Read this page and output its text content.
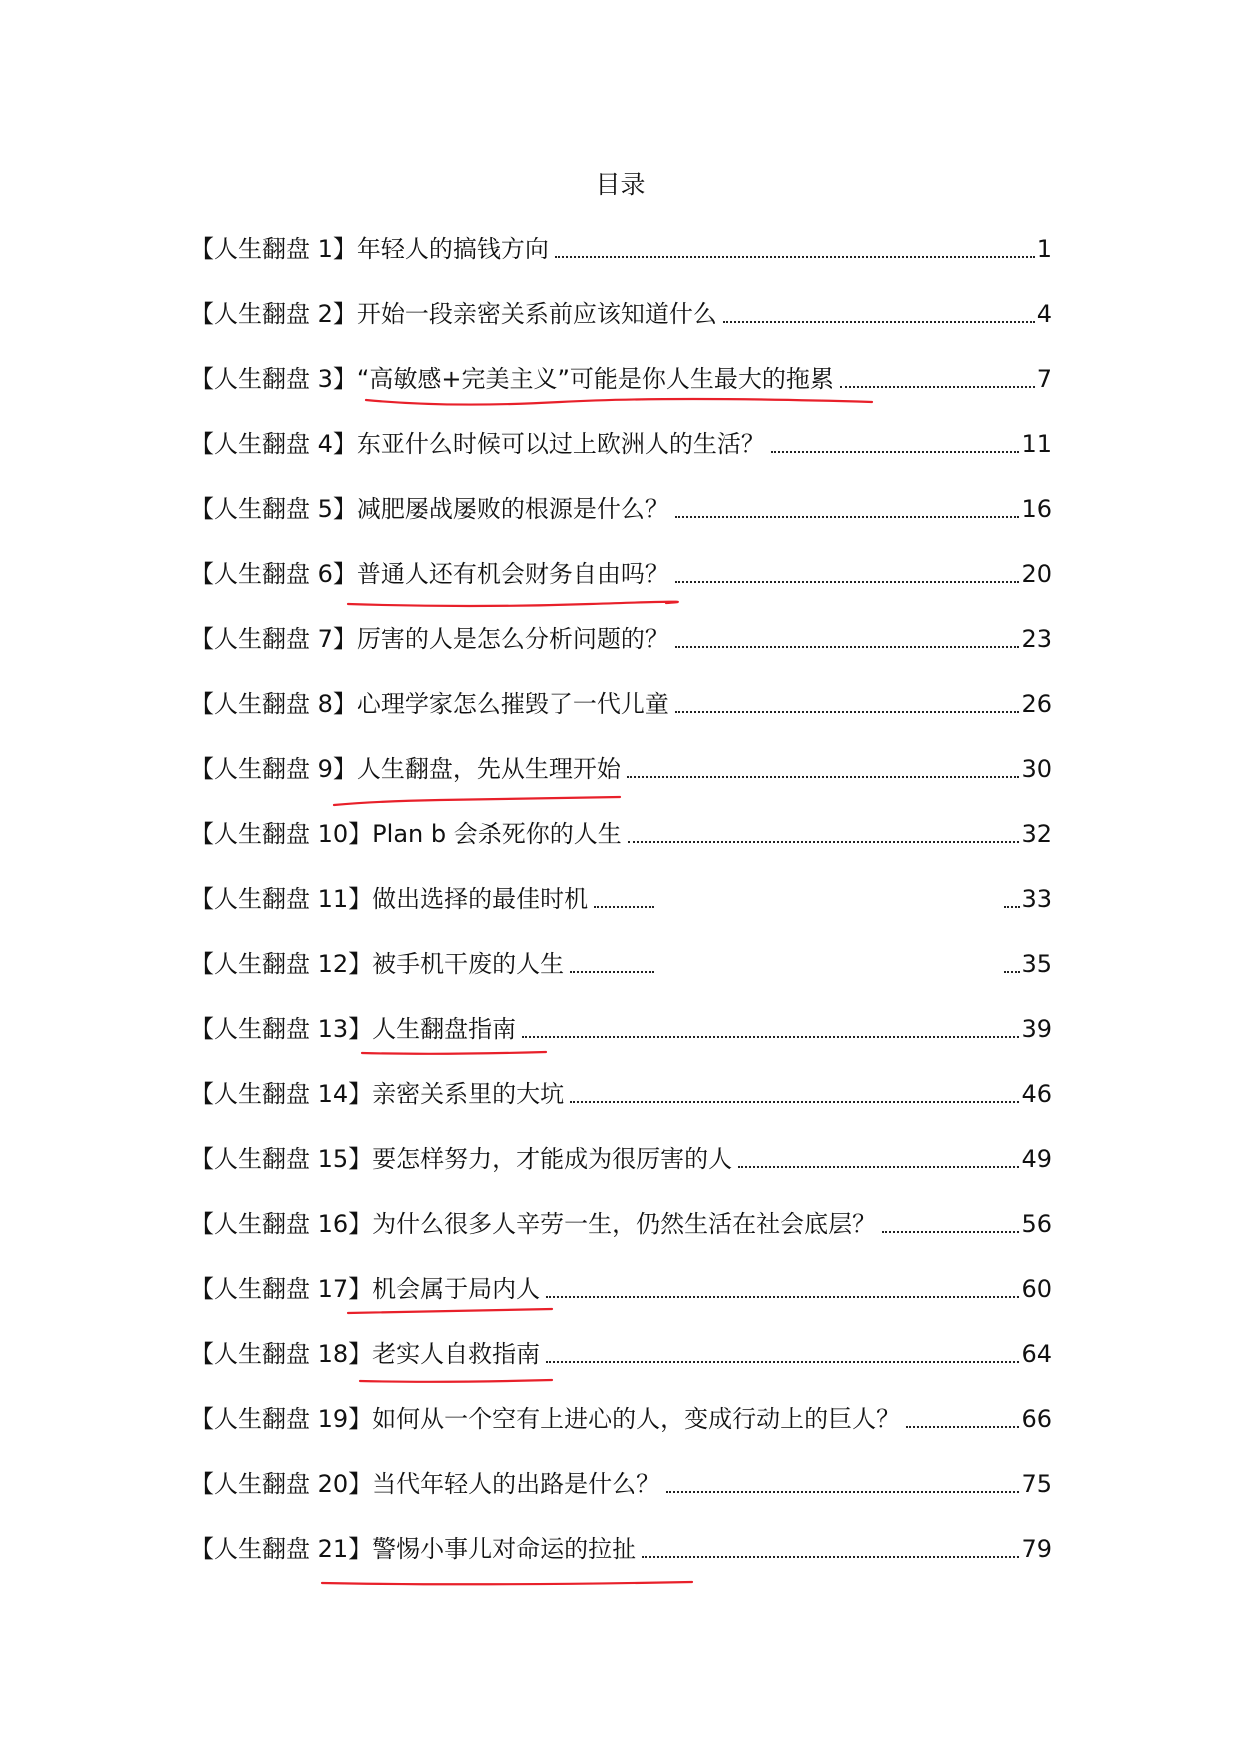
目录
【人生翻盘 1】 年轻人的搞钱方向	1
【人生翻盘 2】 开始一段亲密关系前应该知道什么	4
【人生翻盘 3】 “高敏感+完美主义”可能是你人生最大的拖累	7
【人生翻盘 4】 东亚什么时候可以过上欧洲人的生活？	11
【人生翻盘 5】 减肥屡战屡败的根源是什么？	16
【人生翻盘 6】 普通人还有机会财务自由吗？	20
【人生翻盘 7】 厉害的人是怎么分析问题的？	23
【人生翻盘 8】 心理学家怎么摧毁了一代儿童	26
【人生翻盘 9】 人生翻盘，先从生理开始	30
【人生翻盘 10】 Plan b 会杀死你的人生	32
【人生翻盘 11】 做出选择的最佳时机	33
【人生翻盘 12】 被手机干废的人生	35
【人生翻盘 13】 人生翻盘指南	39
【人生翻盘 14】 亲密关系里的大坑	46
【人生翻盘 15】 要怎样努力，才能成为很厉害的人	49
【人生翻盘 16】 为什么很多人辛劳一生，仍然生活在社会底层？	56
【人生翻盘 17】 机会属于局内人	60
【人生翻盘 18】 老实人自救指南	64
【人生翻盘 19】 如何从一个空有上进心的人，变成行动上的巨人？	66
【人生翻盘 20】 当代年轻人的出路是什么？	75
【人生翻盘 21】 警惕小事儿对命运的拉扯	79
